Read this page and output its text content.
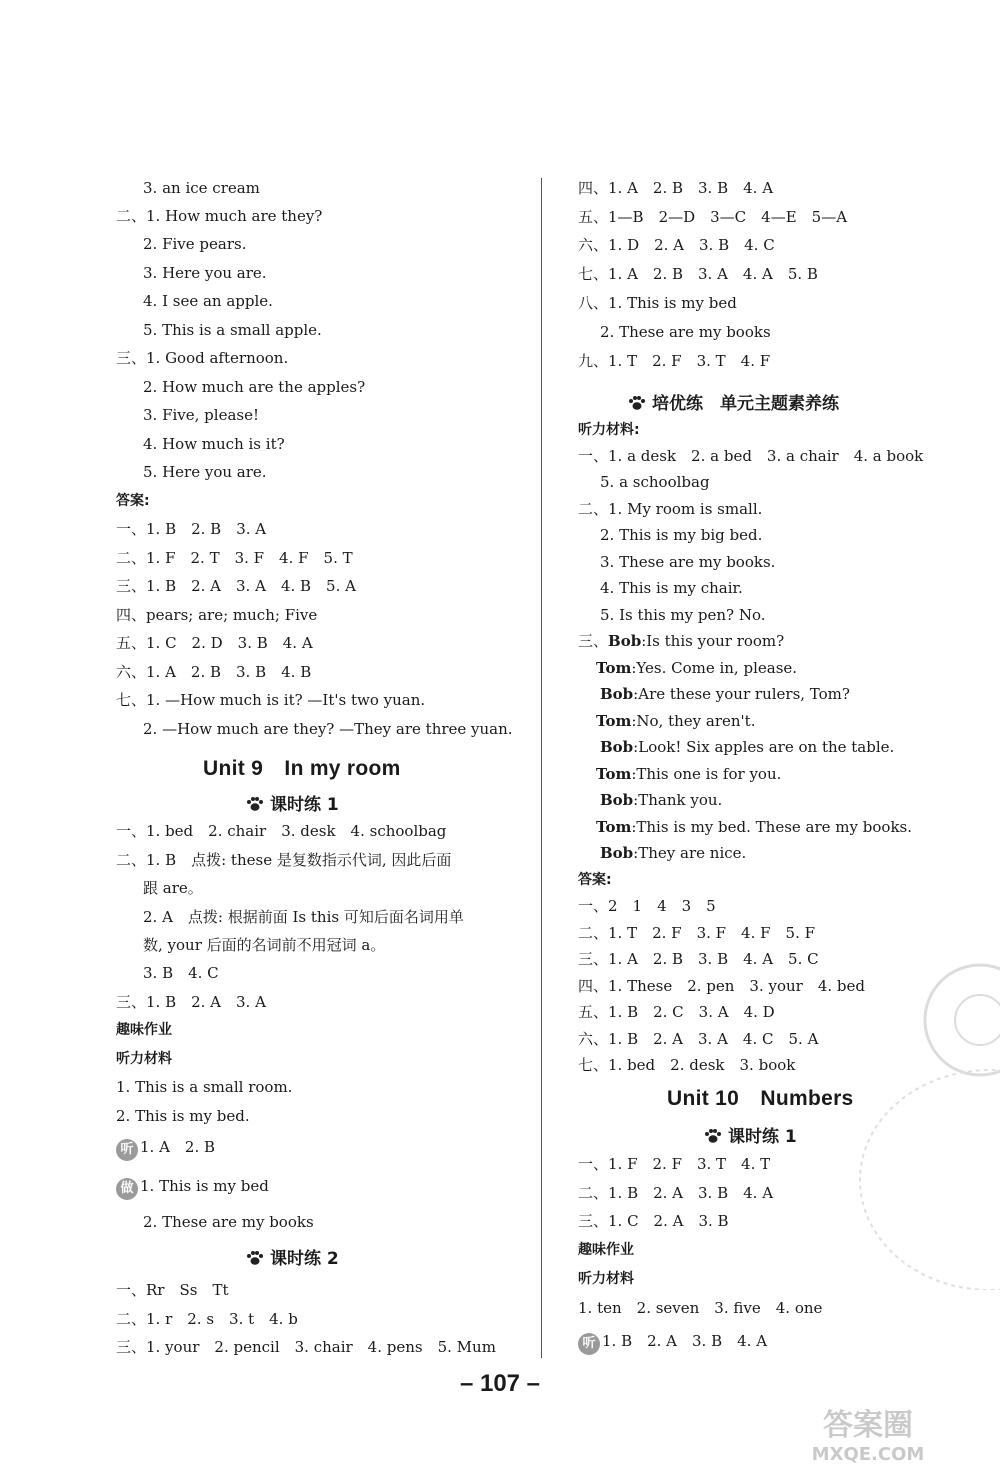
3. an ice cream
二、1. How much are they?
2. Five pears.
3. Here you are.
4. I see an apple.
5. This is a small apple.
三、1. Good afternoon.
2. How much are the apples?
3. Five, please!
4. How much is it?
5. Here you are.
答案:
一、1. B　2. B　3. A
二、1. F　2. T　3. F　4. F　5. T
三、1. B　2. A　3. A　4. B　5. A
四、pears; are; much; Five
五、1. C　2. D　3. B　4. A
六、1. A　2. B　3. B　4. B
七、1. —How much is it? —It's two yuan.
2. —How much are they? —They are three yuan.
Unit 9　In my room
课时练 1
一、1. bed　2. chair　3. desk　4. schoolbag
二、1. B　点拨: these 是复数指示代词, 因此后面
跟 are。
2. A　点拨: 根据前面 Is this 可知后面名词用单
数, your 后面的名词前不用冠词 a。
3. B　4. C
三、1. B　2. A　3. A
趣味作业
听力材料
1. This is a small room.
2. This is my bed.
听 1. A　2. B
做 1. This is my bed
2. These are my books
课时练 2
一、Rr　Ss　Tt
二、1. r　2. s　3. t　4. b
三、1. your　2. pencil　3. chair　4. pens　5. Mum
四、1. A　2. B　3. B　4. A
五、1—B　2—D　3—C　4—E　5—A
六、1. D　2. A　3. B　4. C
七、1. A　2. B　3. A　4. A　5. B
八、1. This is my bed
2. These are my books
九、1. T　2. F　3. T　4. F
培优练　单元主题素养练
听力材料:
一、1. a desk　2. a bed　3. a chair　4. a book
5. a schoolbag
二、1. My room is small.
2. This is my big bed.
3. These are my books.
4. This is my chair.
5. Is this my pen? No.
三、Bob:Is this your room?
Tom:Yes. Come in, please.
Bob:Are these your rulers, Tom?
Tom:No, they aren't.
Bob:Look! Six apples are on the table.
Tom:This one is for you.
Bob:Thank you.
Tom:This is my bed. These are my books.
Bob:They are nice.
答案:
一、2　1　4　3　5
二、1. T　2. F　3. F　4. F　5. F
三、1. A　2. B　3. B　4. A　5. C
四、1. These　2. pen　3. your　4. bed
五、1. B　2. C　3. A　4. D
六、1. B　2. A　3. A　4. C　5. A
七、1. bed　2. desk　3. book
Unit 10　Numbers
课时练 1
一、1. F　2. F　3. T　4. T
二、1. B　2. A　3. B　4. A
三、1. C　2. A　3. B
趣味作业
听力材料
1. ten　2. seven　3. five　4. one
听 1. B　2. A　3. B　4. A
– 107 –
答案圈
MXQE.COM
